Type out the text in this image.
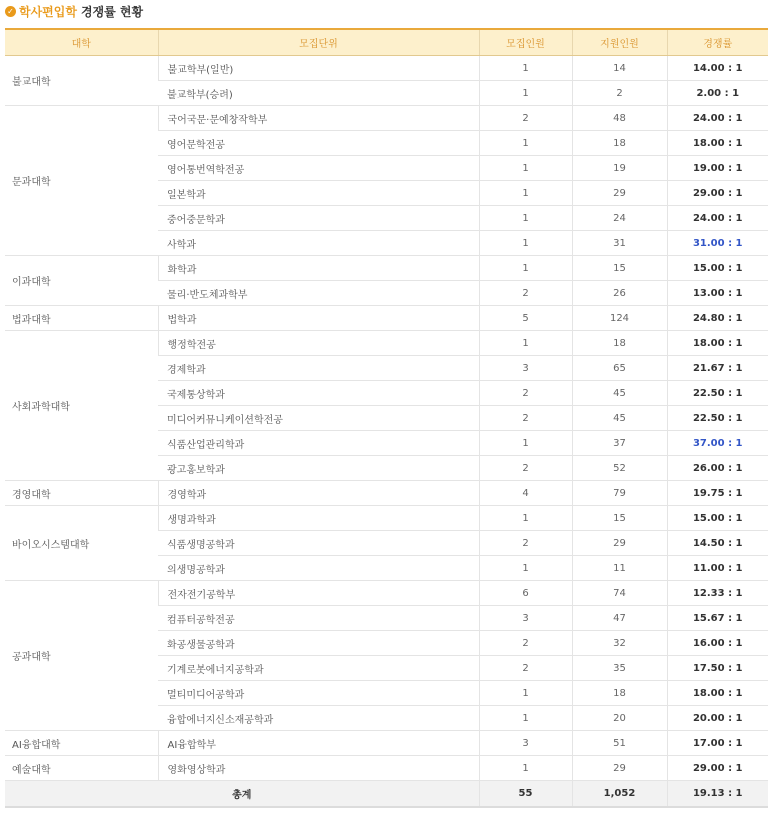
✓ 학사편입학 경쟁률 현황
대학	모집단위	모집인원	지원인원	경쟁률
불교대학	불교학부(일반)	1	14	14.00 : 1
	불교학부(승려)	1	2	2.00 : 1
문과대학	국어국문·문예창작학부	2	48	24.00 : 1
	영어문학전공	1	18	18.00 : 1
	영어통번역학전공	1	19	19.00 : 1
	일본학과	1	29	29.00 : 1
	중어중문학과	1	24	24.00 : 1
	사학과	1	31	31.00 : 1
이과대학	화학과	1	15	15.00 : 1
	물리·반도체과학부	2	26	13.00 : 1
법과대학	법학과	5	124	24.80 : 1
사회과학대학	행정학전공	1	18	18.00 : 1
	경제학과	3	65	21.67 : 1
	국제통상학과	2	45	22.50 : 1
	미디어커뮤니케이션학전공	2	45	22.50 : 1
	식품산업관리학과	1	37	37.00 : 1
	광고홍보학과	2	52	26.00 : 1
경영대학	경영학과	4	79	19.75 : 1
바이오시스템대학	생명과학과	1	15	15.00 : 1
	식품생명공학과	2	29	14.50 : 1
	의생명공학과	1	11	11.00 : 1
공과대학	전자전기공학부	6	74	12.33 : 1
	컴퓨터공학전공	3	47	15.67 : 1
	화공생물공학과	2	32	16.00 : 1
	기계로봇에너지공학과	2	35	17.50 : 1
	멀티미디어공학과	1	18	18.00 : 1
	융합에너지신소재공학과	1	20	20.00 : 1
AI융합대학	AI융합학부	3	51	17.00 : 1
예술대학	영화영상학과	1	29	29.00 : 1
총계		55	1,052	19.13 : 1
